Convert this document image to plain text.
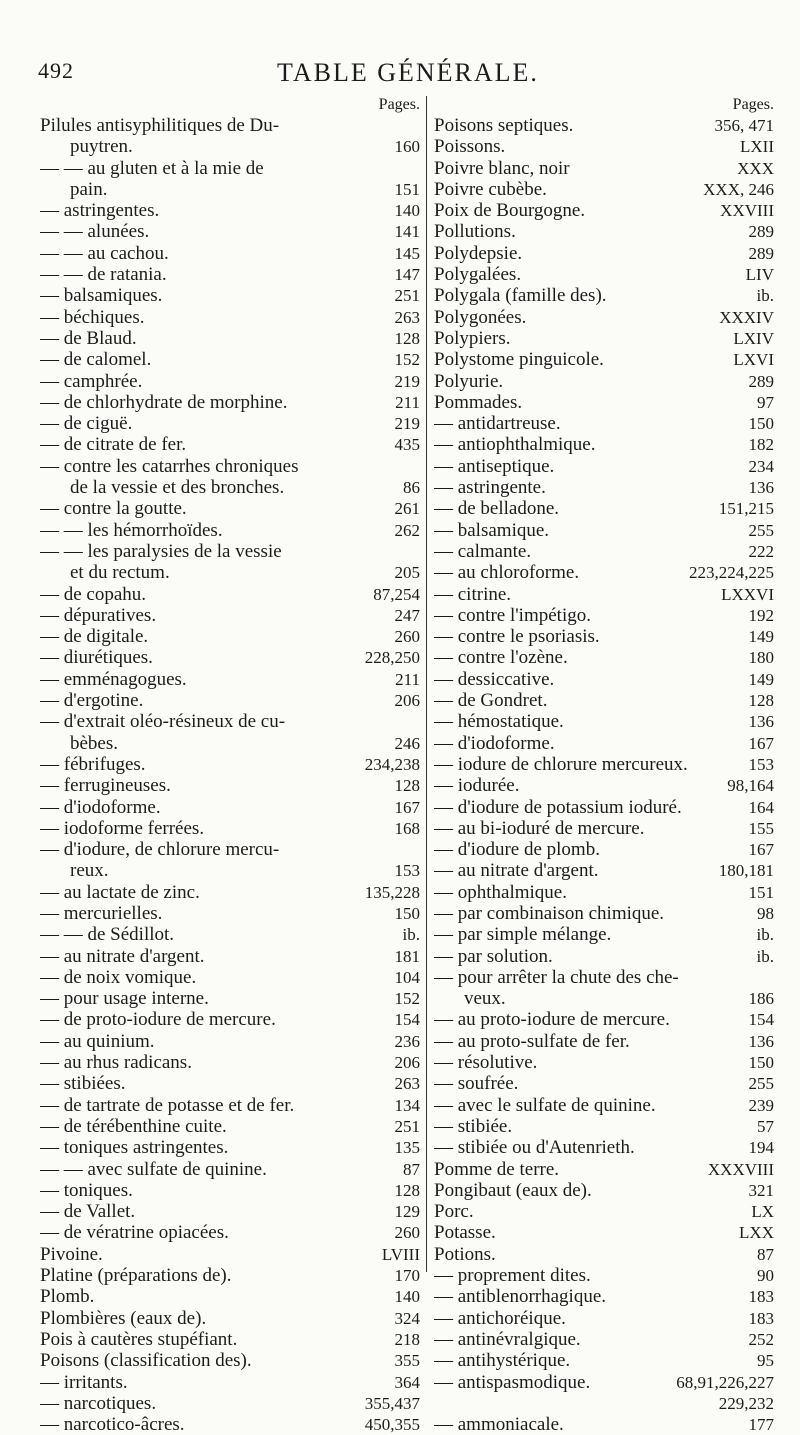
492	TABLE GÉNÉRALE.
Pages.
Pilules antisyphilitiques de Du-
puytren.	160
— — au gluten et à la mie de
pain.	151
— astringentes.	140
— — alunées.	141
— — au cachou.	145
— — de ratania.	147
— balsamiques.	251
— béchiques.	263
— de Blaud.	128
— de calomel.	152
— camphrée.	219
— de chlorhydrate de morphine.	211
— de ciguë.	219
— de citrate de fer.	435
— contre les catarrhes chroniques
de la vessie et des bronches.	86
— contre la goutte.	261
— — les hémorrhoïdes.	262
— — les paralysies de la vessie
et du rectum.	205
— de copahu.	87,254
— dépuratives.	247
— de digitale.	260
— diurétiques.	228,250
— emménagogues.	211
— d'ergotine.	206
— d'extrait oléo-résineux de cu-
bèbes.	246
— fébrifuges.	234,238
— ferrugineuses.	128
— d'iodoforme.	167
— iodoforme ferrées.	168
— d'iodure, de chlorure mercu-
reux.	153
— au lactate de zinc.	135,228
— mercurielles.	150
— — de Sédillot.	ib.
— au nitrate d'argent.	181
— de noix vomique.	104
— pour usage interne.	152
— de proto-iodure de mercure.	154
— au quinium.	236
— au rhus radicans.	206
— stibiées.	263
— de tartrate de potasse et de fer.	134
— de térébenthine cuite.	251
— toniques astringentes.	135
— — avec sulfate de quinine.	87
— toniques.	128
— de Vallet.	129
— de vératrine opiacées.	260
Pivoine.	LVIII
Platine (préparations de).	170
Plomb.	140
Plombières (eaux de).	324
Pois à cautères stupéfiant.	218
Poisons (classification des).	355
— irritants.	364
— narcotiques.	355,437
— narcotico-âcres.	450,355
Pages.
Poisons septiques.	356, 471
Poissons.	LXII
Poivre blanc, noir	XXX
Poivre cubèbe.	XXX, 246
Poix de Bourgogne.	XXVIII
Pollutions.	289
Polydepsie.	289
Polygalées.	LIV
Polygala (famille des).	ib.
Polygonées.	XXXIV
Polypiers.	LXIV
Polystome pinguicole.	LXVI
Polyurie.	289
Pommades.	97
— antidartreuse.	150
— antiophthalmique.	182
— antiseptique.	234
— astringente.	136
— de belladone.	151,215
— balsamique.	255
— calmante.	222
— au chloroforme.	223,224,225
— citrine.	LXXVI
— contre l'impétigo.	192
— contre le psoriasis.	149
— contre l'ozène.	180
— dessiccative.	149
— de Gondret.	128
— hémostatique.	136
— d'iodoforme.	167
— iodure de chlorure mercureux.	153
— iodurée.	98,164
— d'iodure de potassium ioduré.	164
— au bi-ioduré de mercure.	155
— d'iodure de plomb.	167
— au nitrate d'argent.	180,181
— ophthalmique.	151
— par combinaison chimique.	98
— par simple mélange.	ib.
— par solution.	ib.
— pour arrêter la chute des che-
veux.	186
— au proto-iodure de mercure.	154
— au proto-sulfate de fer.	136
— résolutive.	150
— soufrée.	255
— avec le sulfate de quinine.	239
— stibiée.	57
— stibiée ou d'Autenrieth.	194
Pomme de terre.	XXXVIII
Pongibaut (eaux de).	321
Porc.	LX
Potasse.	LXX
Potions.	87
— proprement dites.	90
— antiblenorrhagique.	183
— antichoréique.	183
— antinévralgique.	252
— antihystérique.	95
— antispasmodique.	68,91,226,227
229,232
— ammoniacale.	177
